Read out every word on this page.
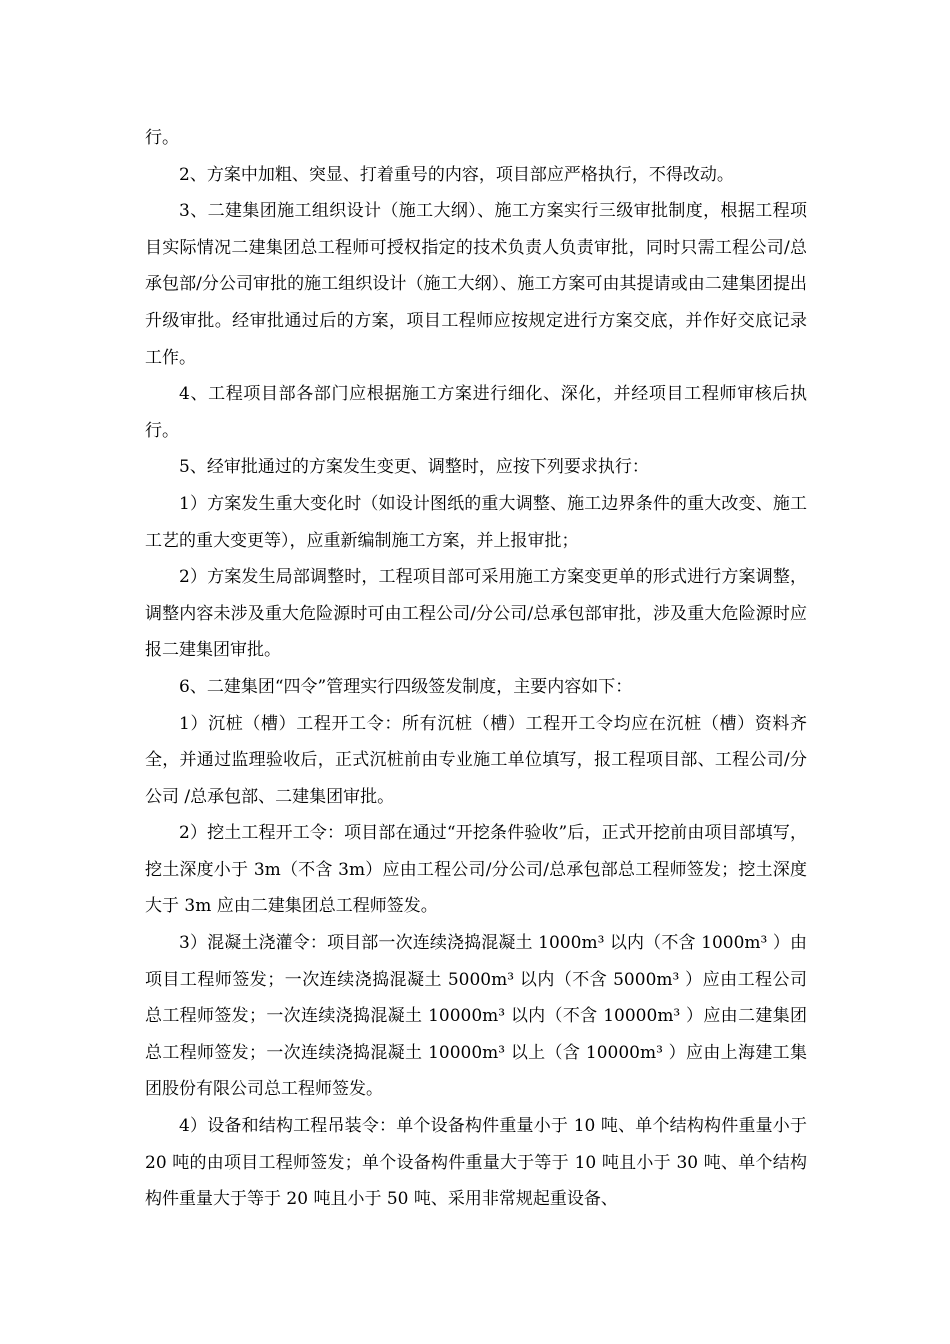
行。

2、方案中加粗、突显、打着重号的内容，项目部应严格执行，不得改动。

3、二建集团施工组织设计（施工大纲）、施工方案实行三级审批制度，根据工程项目实际情况二建集团总工程师可授权指定的技术负责人负责审批，同时只需工程公司/总承包部/分公司审批的施工组织设计（施工大纲）、施工方案可由其提请或由二建集团提出升级审批。经审批通过后的方案，项目工程师应按规定进行方案交底，并作好交底记录工作。

4、工程项目部各部门应根据施工方案进行细化、深化，并经项目工程师审核后执行。

5、经审批通过的方案发生变更、调整时，应按下列要求执行：

1）方案发生重大变化时（如设计图纸的重大调整、施工边界条件的重大改变、施工工艺的重大变更等），应重新编制施工方案，并上报审批；

2）方案发生局部调整时，工程项目部可采用施工方案变更单的形式进行方案调整，调整内容未涉及重大危险源时可由工程公司/分公司/总承包部审批，涉及重大危险源时应报二建集团审批。

6、二建集团“四令”管理实行四级签发制度，主要内容如下：

1）沉桩（槽）工程开工令：所有沉桩（槽）工程开工令均应在沉桩（槽）资料齐全，并通过监理验收后，正式沉桩前由专业施工单位填写，报工程项目部、工程公司/分公司 /总承包部、二建集团审批。

2）挖土工程开工令：项目部在通过“开挖条件验收”后，正式开挖前由项目部填写，挖土深度小于 3m（不含 3m）应由工程公司/分公司/总承包部总工程师签发；挖土深度大于 3m 应由二建集团总工程师签发。

3）混凝土浇灌令：项目部一次连续浇捣混凝土 1000m³ 以内（不含 1000m³ ）由项目工程师签发；一次连续浇捣混凝土 5000m³ 以内（不含 5000m³ ）应由工程公司总工程师签发；一次连续浇捣混凝土 10000m³ 以内（不含 10000m³ ）应由二建集团总工程师签发；一次连续浇捣混凝土 10000m³ 以上（含 10000m³ ）应由上海建工集团股份有限公司总工程师签发。

4）设备和结构工程吊装令：单个设备构件重量小于 10 吨、单个结构构件重量小于 20 吨的由项目工程师签发；单个设备构件重量大于等于 10 吨且小于 30 吨、单个结构构件重量大于等于 20 吨且小于 50 吨、采用非常规起重设备、
